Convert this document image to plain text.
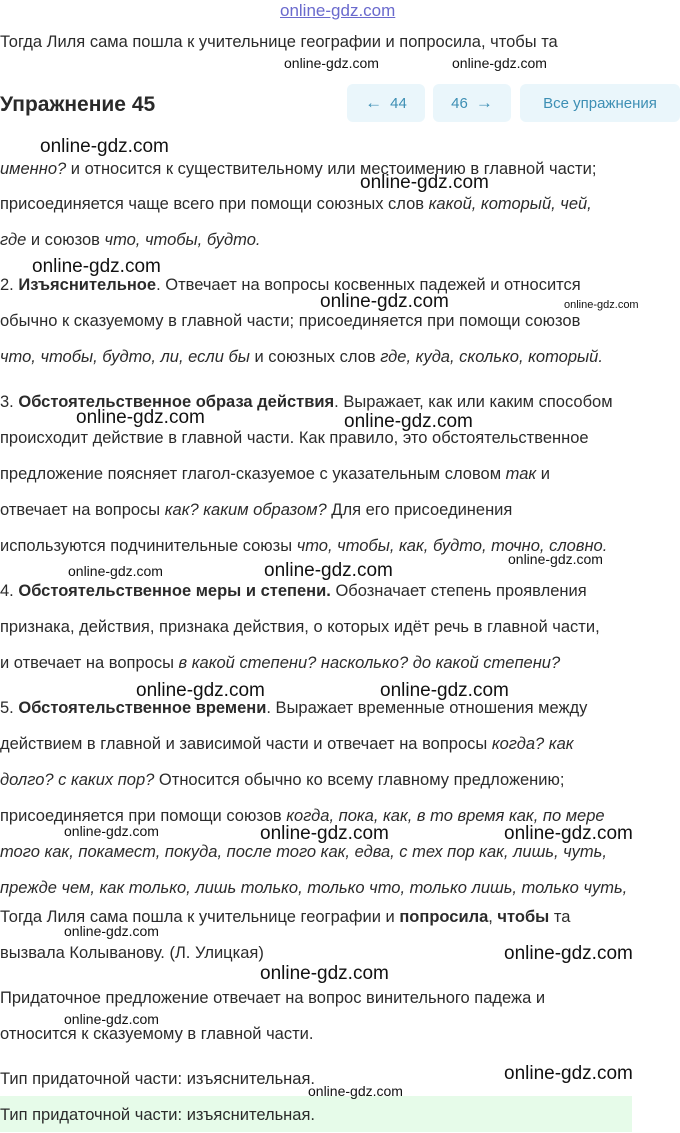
online-gdz.com
Тогда Лиля сама пошла к учительнице географии и попросила, чтобы та
Упражнение 45	← 44	46 →	Все упражнения
именно? и относится к существительному или местоимению в главной части;
присоединяется чаще всего при помощи союзных слов какой, который, чей,
где и союзов что, чтобы, будто.
2. Изъяснительное. Отвечает на вопросы косвенных падежей и относится
обычно к сказуемому в главной части; присоединяется при помощи союзов
что, чтобы, будто, ли, если бы и союзных слов где, куда, сколько, который.
3. Обстоятельственное образа действия. Выражает, как или каким способом
происходит действие в главной части. Как правило, это обстоятельственное
предложение поясняет глагол-сказуемое с указательным словом так и
отвечает на вопросы как? каким образом? Для его присоединения
используются подчинительные союзы что, чтобы, как, будто, точно, словно.
4. Обстоятельственное меры и степени. Обозначает степень проявления
признака, действия, признака действия, о которых идёт речь в главной части,
и отвечает на вопросы в какой степени? насколько? до какой степени?
5. Обстоятельственное времени. Выражает временные отношения между
действием в главной и зависимой части и отвечает на вопросы когда? как
долго? с каких пор? Относится обычно ко всему главному предложению;
присоединяется при помощи союзов когда, пока, как, в то время как, по мере
того как, покамест, покуда, после того как, едва, с тех пор как, лишь, чуть,
прежде чем, как только, лишь только, только что, только лишь, только чуть,
Тогда Лиля сама пошла к учительнице географии и попросила, чтобы та
вызвала Колыванову. (Л. Улицкая)
Придаточное предложение отвечает на вопрос винительного падежа и
относится к сказуемому в главной части.
Тип придаточной части: изъяснительная.
Тип придаточной части: изъяснительная.
online-gdz.com	online-gdz.com
online-gdz.com
online-gdz.com
online-gdz.com
online-gdz.com	online-gdz.com
online-gdz.com	online-gdz.com
online-gdz.com
online-gdz.com	online-gdz.com
online-gdz.com	online-gdz.com
online-gdz.com	online-gdz.com	online-gdz.com
online-gdz.com
online-gdz.com
online-gdz.com
online-gdz.com
online-gdz.com
online-gdz.com
